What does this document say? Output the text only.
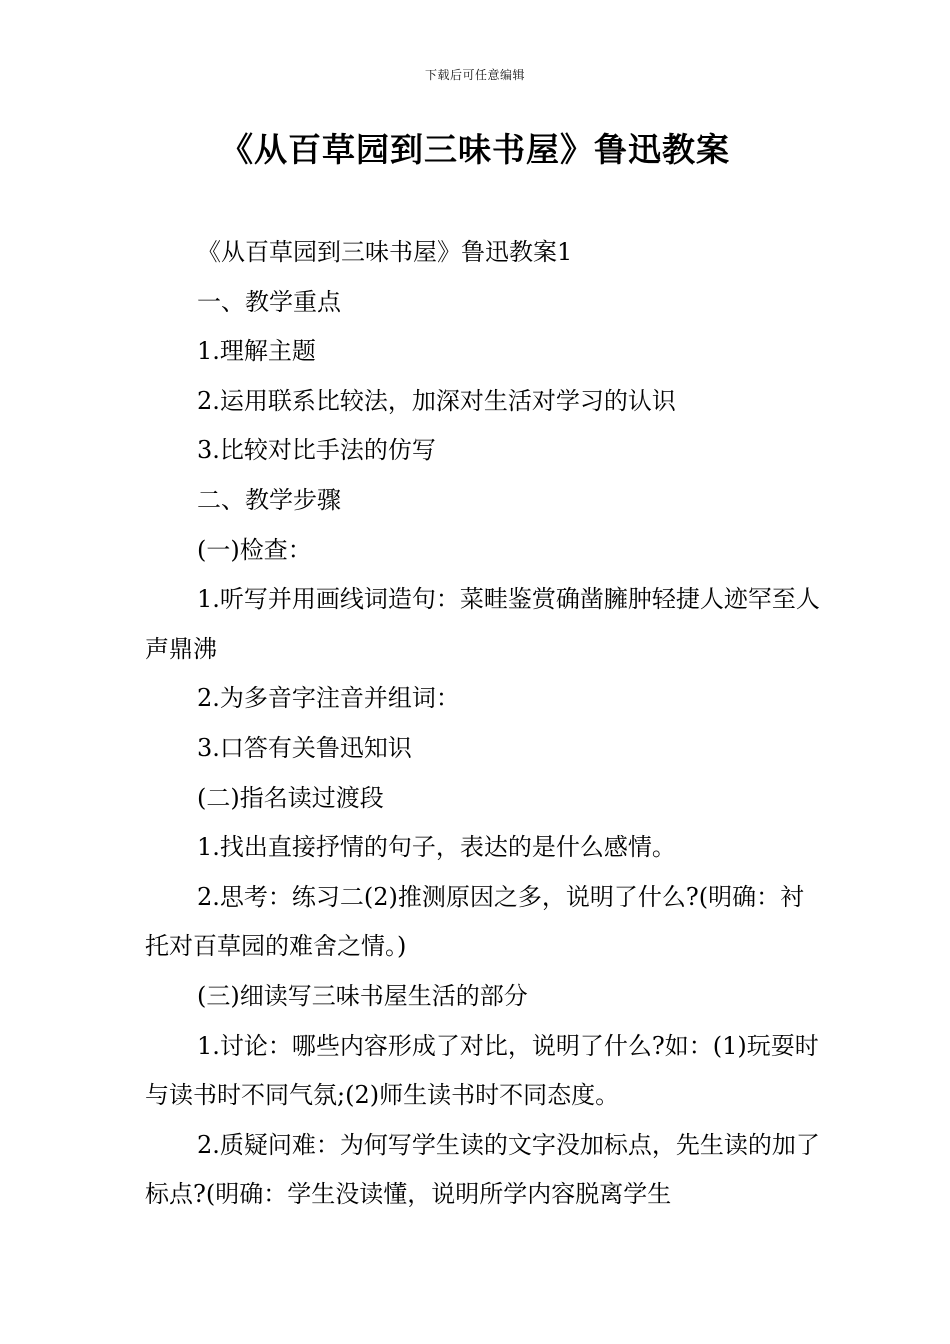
下载后可任意编辑
《从百草园到三味书屋》鲁迅教案

《从百草园到三味书屋》鲁迅教案1

一、教学重点

1.理解主题

2.运用联系比较法，加深对生活对学习的认识

3.比较对比手法的仿写

二、教学步骤

(一)检查：

1.听写并用画线词造句：菜畦鉴赏确凿臃肿轻捷人迹罕至人声鼎沸

2.为多音字注音并组词：

3.口答有关鲁迅知识

(二)指名读过渡段

1.找出直接抒情的句子，表达的是什么感情。

2.思考：练习二(2)推测原因之多，说明了什么?(明确：衬托对百草园的难舍之情。)

(三)细读写三味书屋生活的部分

1.讨论：哪些内容形成了对比，说明了什么?如：(1)玩耍时与读书时不同气氛;(2)师生读书时不同态度。

2.质疑问难：为何写学生读的文字没加标点，先生读的加了标点?(明确：学生没读懂，说明所学内容脱离学生
